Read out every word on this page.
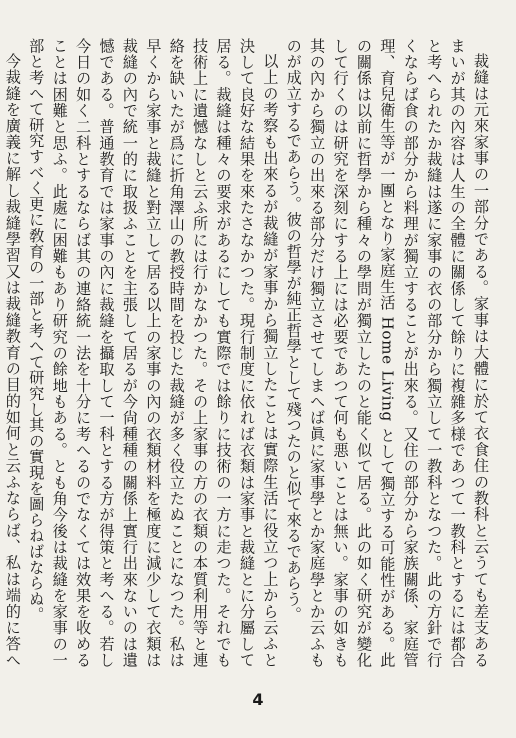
裁縫は元來家事の一部分である。家事は大體に於て衣食住の教科と云うても差支あるまいが其の內容は人生の全體に關係して餘りに複雜多様であつて一教科とするには都合と考へられたか裁縫は遂に家事の衣の部分から獨立して一教科となつた。此の方針で行くならば食の部分から料理が獨立することが出來る。又住の部分から家族關係、家庭管理、育兒衛生等が一團となり家庭生活 Home Living として獨立する可能性がある。此の關係は以前に哲學から種々の學問が獨立したのと能く似て居る。此の如く研究が變化して行くのは研究を深刻にする上には必要であつて何も悪いことは無い。家事の如きも其の內から獨立の出來る部分だけ獨立させてしまへば眞に家事學とか家庭學とか云ふものが成立するであらう。彼の哲學が純正哲學として殘つたのと似て來るであらう。

以上の考察も出來るが裁縫が家事から獨立したことは實際生活に役立つ上から云ふと決して良好な結果を來たさなかつた。現行制度に依れば衣類は家事と裁縫とに分屬して居る。裁縫は種々の要求があるにしても實際では餘りに技術の一方に走つた。それでも技術上に遺憾なしと云ふ所には行かなかつた。その上家事の方の衣類の本質利用等と連絡を缺いたが爲に折角澤山の教授時間を投じた裁縫が多く役立たぬことになつた。私は早くから家事と裁縫と對立して居る以上の家事の內の衣類材料を極度に減少して衣類は裁縫の內で統一的に取扱ふことを主張して居るが今尙種種の關係上實行出來ないのは遺憾である。普通教育では家事の內に裁縫を攝取して一科とする方が得策と考へる。若し今日の如く二科とするならば其の連絡統一法を十分に考へるのでなくては效果を收めることは困難と思ふ。此處に困難もあり研究の餘地もある。とも角今後は裁縫を家事の一部と考へて研究すべく更に敎育の一部と考へて研究し其の實現を圖らねばならぬ。

今裁縫を廣義に解し裁縫學習又は裁縫教育の目的如何と云ふならば、私は端的に答へ

4
